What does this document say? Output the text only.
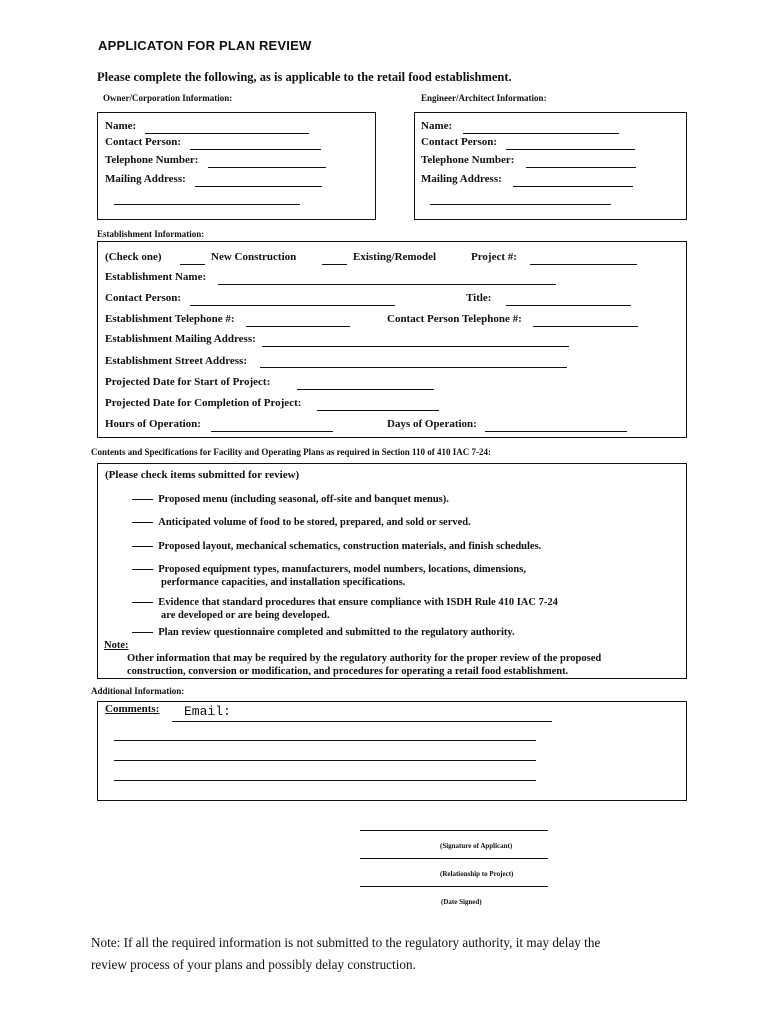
APPLICATON FOR PLAN REVIEW
Please complete the following, as is applicable to the retail food establishment.
Owner/Corporation Information:	Engineer/Architect Information:
Name:
Contact Person:
Telephone Number:
Mailing Address:
Name:
Contact Person:
Telephone Number:
Mailing Address:
Establishment Information:
(Check one)	New Construction	Existing/Remodel	Project #:
Establishment Name:
Contact Person:	Title:
Establishment Telephone #:	Contact Person Telephone #:
Establishment Mailing Address:
Establishment Street Address:
Projected Date for Start of Project:
Projected Date for Completion of Project:
Hours of Operation:	Days of Operation:
Contents and Specifications for Facility and Operating Plans as required in Section 110 of 410 IAC 7-24:
(Please check items submitted for review)
Proposed menu (including seasonal, off-site and banquet menus).
Anticipated volume of food to be stored, prepared, and sold or served.
Proposed layout, mechanical schematics, construction materials, and finish schedules.
Proposed equipment types, manufacturers, model numbers, locations, dimensions,
performance capacities, and installation specifications.
Evidence that standard procedures that ensure compliance with ISDH Rule 410 IAC 7-24
are developed or are being developed.
Plan review questionnaire completed and submitted to the regulatory authority.
Note:
Other information that may be required by the regulatory authority for the proper review of the proposed
construction, conversion or modification, and procedures for operating a retail food establishment.
Additional Information:
Comments: Email:
(Signature of Applicant)
(Relationship to Project)
(Date Signed)
Note: If all the required information is not submitted to the regulatory authority, it may delay the
review process of your plans and possibly delay construction.
